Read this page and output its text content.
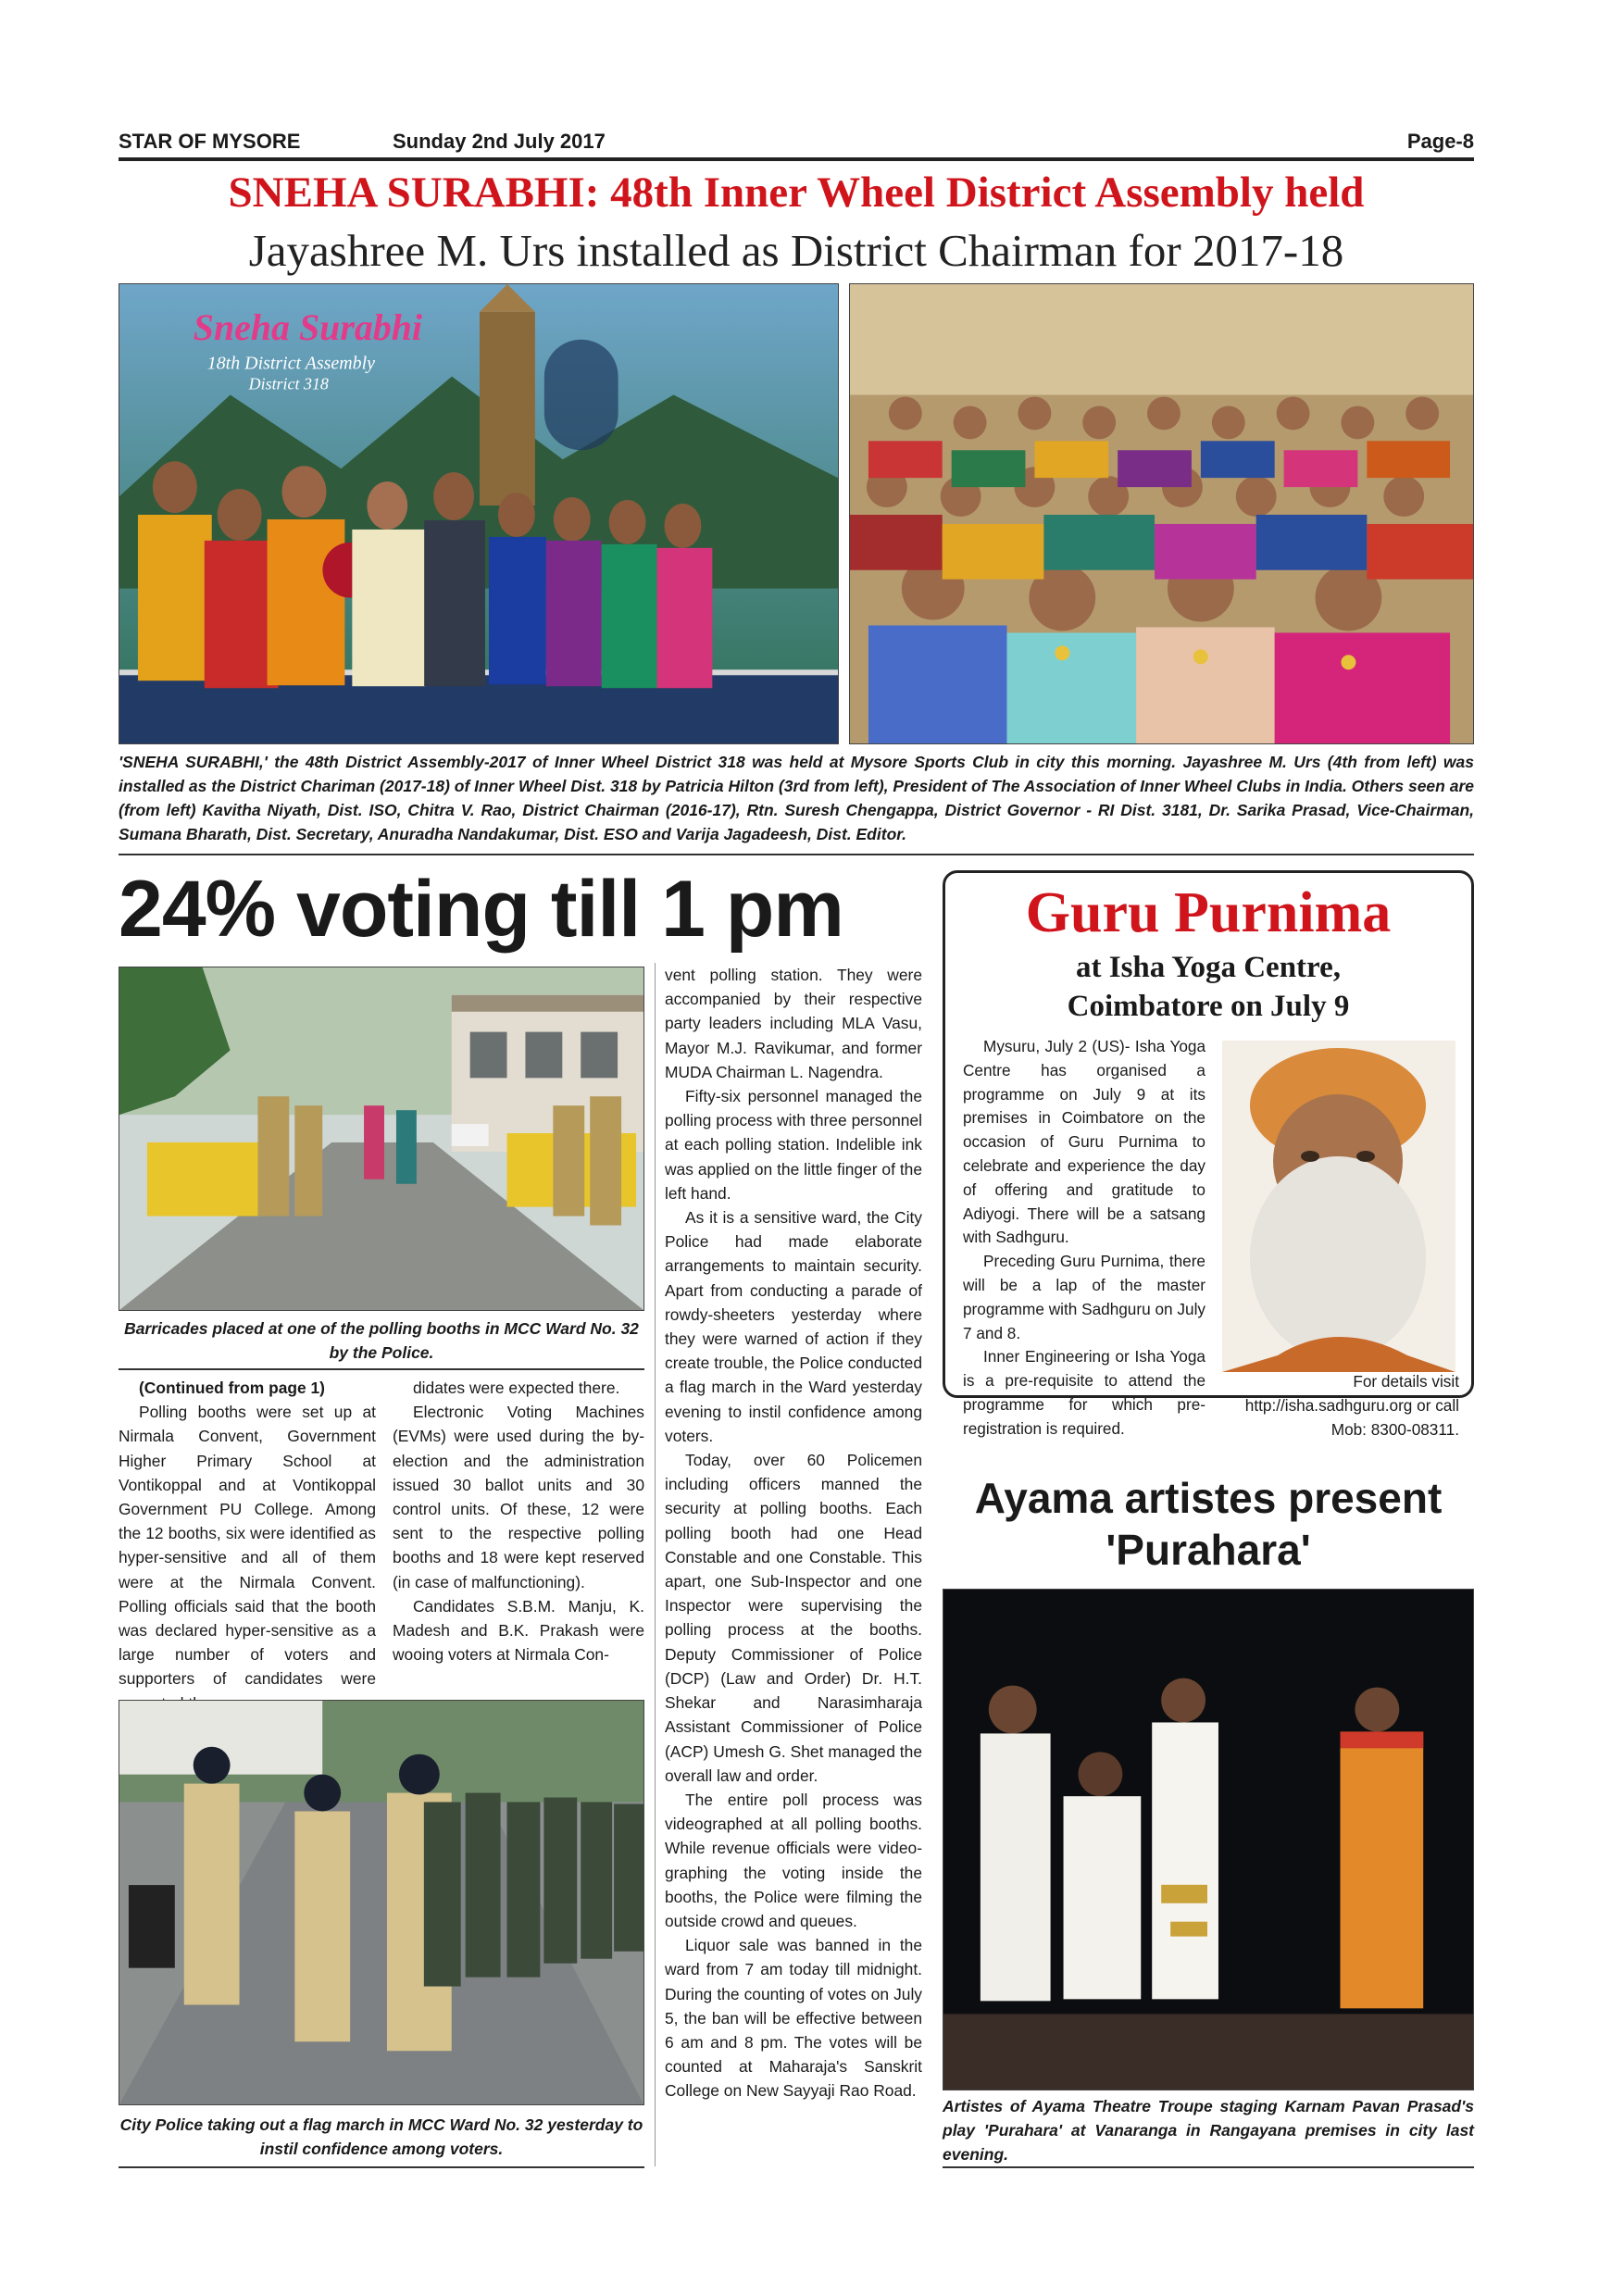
STAR OF MYSORE	Sunday 2nd July 2017	Page-8
SNEHA SURABHI: 48th Inner Wheel District Assembly held
Jayashree M. Urs installed as District Chairman for 2017-18
Sneha Surabhi
18th District Assembly
District 318
'SNEHA SURABHI,' the 48th District Assembly-2017 of Inner Wheel District 318 was held at Mysore Sports Club in city this morning. Jayashree M. Urs (4th from left) was installed as the District Chariman (2017-18) of Inner Wheel Dist. 318 by Patricia Hilton (3rd from left), President of The Association of Inner Wheel Clubs in India. Others seen are (from left) Kavitha Niyath, Dist. ISO, Chitra V. Rao, District Chairman (2016-17), Rtn. Suresh Chengappa, District Governor - RI Dist. 3181, Dr. Sarika Prasad, Vice-Chairman, Sumana Bharath, Dist. Secretary, Anuradha Nandakumar, Dist. ESO and Varija Jagadeesh, Dist. Editor.
24% voting till 1 pm
Barricades placed at one of the polling booths in MCC Ward No. 32 by the Police.

(Continued from page 1)

Polling booths were set up at Nirmala Convent, Government Higher Primary School at Vontikoppal and at Vontikoppal Government PU College. Among the 12 booths, six were identified as hyper-sensitive and all of them were at the Nirmala Convent. Polling officials said that the booth was declared hyper-sensitive as a large number of voters and supporters of candidates were

didates were expected there.

Electronic Voting Machines (EVMs) were used during the by-election and the administration issued 30 ballot units and 30 control units. Of these, 12 were sent to the respective polling booths and 18 were kept reserved (in case of malfunctioning).

Candidates S.B.M. Manju, K. Madesh and B.K. Prakash were wooing voters at Nirmala Con-

City Police taking out a flag march in MCC Ward No. 32 yesterday to instil confidence among voters.

vent polling station. They were accompanied by their respective party leaders including MLA Vasu, Mayor M.J. Ravikumar, and former MUDA Chairman L. Nagendra.

Fifty-six personnel managed the polling process with three personnel at each polling station. Indelible ink was applied on the little finger of the left hand.

As it is a sensitive ward, the City Police had made elaborate arrangements to maintain security. Apart from conducting a parade of rowdy-sheeters yesterday where they were warned of action if they create trouble, the Police conducted a flag march in the Ward yesterday evening to instil confidence among voters.

Today, over 60 Policemen including officers manned the security at polling booths. Each polling booth had one Head Constable and one Constable. This apart, one Sub-Inspector and one Inspector were supervising the polling process at the booths. Deputy Commissioner of Police (DCP) (Law and Order) Dr. H.T. Shekar and Narasimharaja Assistant Commissioner of Police (ACP) Umesh G. Shet managed the overall law and order.

The entire poll process was videographed at all polling booths. While revenue officials were video-graphing the voting inside the booths, the Police were filming the outside crowd and queues.

Liquor sale was banned in the ward from 7 am today till midnight. During the counting of votes on July 5, the ban will be effective between 6 am and 8 pm. The votes will be counted at Maharaja's Sanskrit College on New Sayyaji Rao Road.

Guru Purnima
at Isha Yoga Centre,
Coimbatore on July 9

Mysuru, July 2 (US)- Isha Yoga Centre has organised a programme on July 9 at its premises in Coimbatore on the occasion of Guru Purnima to celebrate and experience the day of offering and gratitude to Adiyogi. There will be a satsang with Sadhguru.

Preceding Guru Purnima, there will be a lap of the master programme with Sadhguru on July 7 and 8.

Inner Engineering or Isha Yoga is a pre-requisite to attend the programme for which pre-registration is required.

For details visit http://isha.sadhguru.org or call Mob: 8300-08311.
Ayama artistes present
'Purahara'
Artistes of Ayama Theatre Troupe staging Karnam Pavan Prasad's play 'Purahara' at Vanaranga in Rangayana premises in city last evening.
